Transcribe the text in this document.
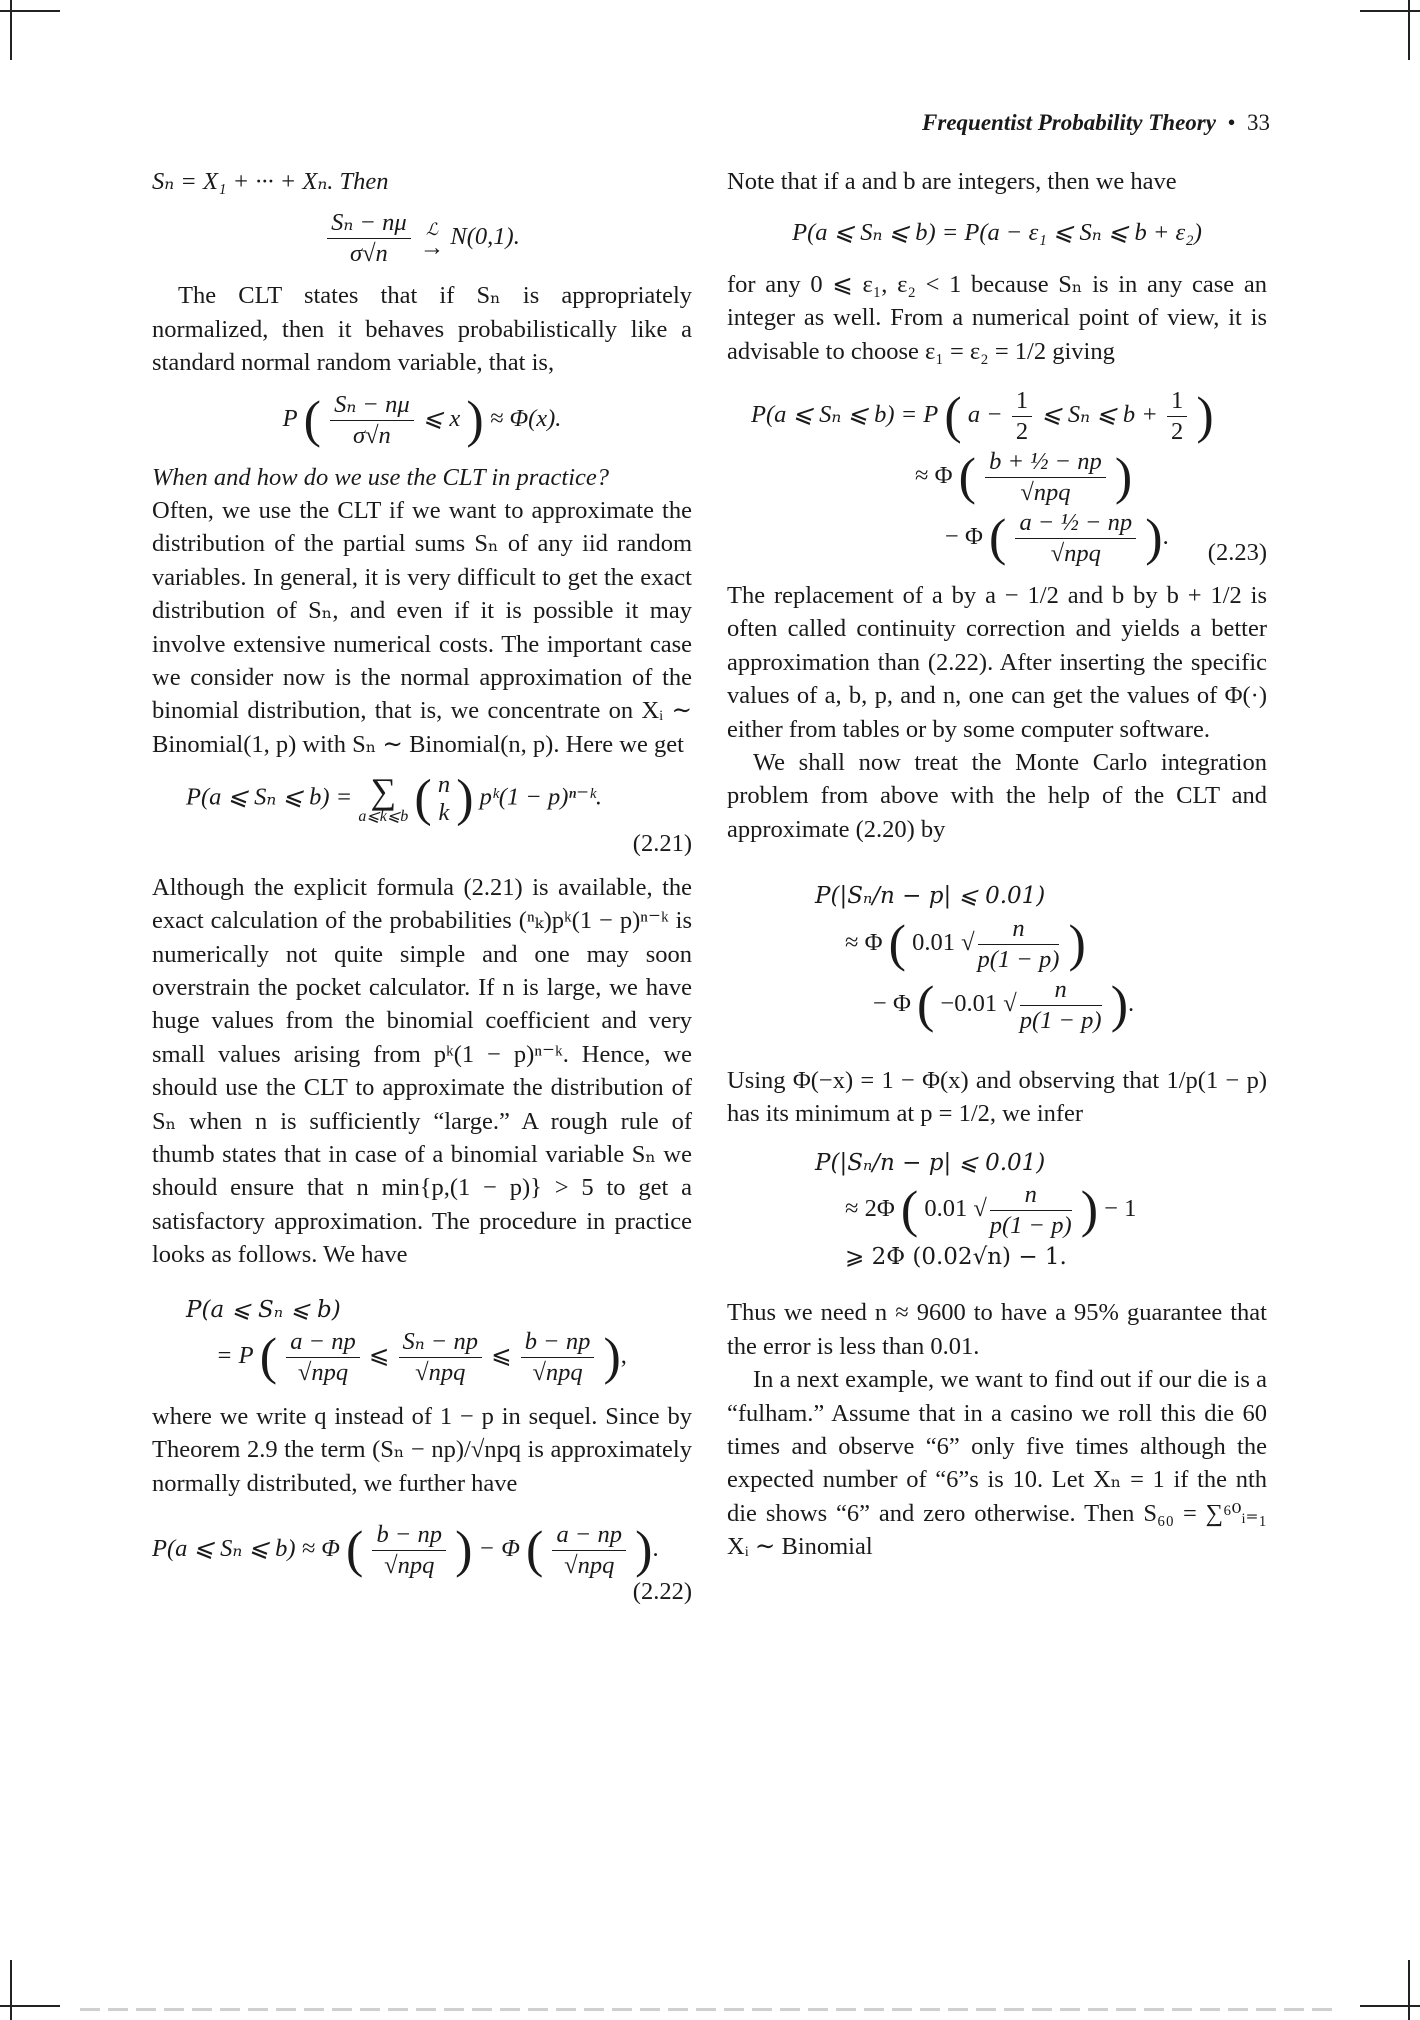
Frequentist Probability Theory • 33

Sₙ = X₁ + ··· + Xₙ. Then

$\frac{\text{Sₙ − nμ}}{\sigma√n}$
ℒ
→ N(0,1).

The CLT states that if Sₙ is appropriately normalized, then it behaves probabilistically like a standard normal random variable, that is,

P ( $\frac{\text{Sₙ − nμ}}{\sigma√n}$ ⩽ x ) ≈ Φ(x).

When and how do we use the CLT in practice?

Often, we use the CLT if we want to approximate the distribution of the partial sums Sₙ of any iid random variables. In general, it is very difficult to get the exact distribution of Sₙ, and even if it is possible it may involve extensive numerical costs. The important case we consider now is the normal approximation of the binomial distribution, that is, we concentrate on Xᵢ ∼ Binomial(1, p) with Sₙ ∼ Binomial(n, p). Here we get

P(a ⩽ Sₙ ⩽ b) = ∑
a⩽k⩽b ( n
k ) pᵏ(1 − p)ⁿ⁻ᵏ.
(2.21)

Although the explicit formula (2.21) is available, the exact calculation of the probabilities (ⁿₖ)pᵏ(1 − p)ⁿ⁻ᵏ is numerically not quite simple and one may soon overstrain the pocket calculator. If n is large, we have huge values from the binomial coefficient and very small values arising from pᵏ(1 − p)ⁿ⁻ᵏ. Hence, we should use the CLT to approximate the distribution of Sₙ when n is sufficiently “large.” A rough rule of thumb states that in case of a binomial variable Sₙ we should ensure that n min{p,(1 − p)} > 5 to get a satisfactory approximation. The procedure in practice looks as follows. We have

P(a ⩽ Sₙ ⩽ b)
= P ( $\frac{a - np}{\text{√npq}}$ ⩽ $\frac{\text{Sₙ − np}}{\text{√npq}}$ ⩽ $\frac{b - np}{\text{√npq}}$ ),

where we write q instead of 1 − p in sequel. Since by Theorem 2.9 the term (Sₙ − np)/√npq is approximately normally distributed, we further have

P(a ⩽ Sₙ ⩽ b) ≈ Φ ( $\frac{b - np}{\text{√npq}}$ ) − Φ ( $\frac{a - np}{\text{√npq}}$ ).
(2.22)

Note that if a and b are integers, then we have

P(a ⩽ Sₙ ⩽ b) = P(a − ε₁ ⩽ Sₙ ⩽ b + ε₂)

for any 0 ⩽ ε₁, ε₂ < 1 because Sₙ is in any case an integer as well. From a numerical point of view, it is advisable to choose ε₁ = ε₂ = 1/2 giving

P(a ⩽ Sₙ ⩽ b) = P ( $a - \frac{1}{2}$ ⩽ Sₙ ⩽ $b + \frac{1}{2}$ )
≈ Φ ( $\frac{\text{b + ½ − np}}{\text{√npq}}$ )
− Φ ( $\frac{\text{a − ½ − np}}{\text{√npq}}$ ).
(2.23)

The replacement of a by a − 1/2 and b by b + 1/2 is often called continuity correction and yields a better approximation than (2.22). After inserting the specific values of a, b, p, and n, one can get the values of Φ(·) either from tables or by some computer software.

We shall now treat the Monte Carlo integration problem from above with the help of the CLT and approximate (2.20) by

P(|Sₙ/n − p| ⩽ 0.01)
≈ Φ ( 0.01 √ $\frac{n}{p(1 - p)}$ )
− Φ ( −0.01 √ $\frac{n}{p(1 - p)}$ ).

Using Φ(−x) = 1 − Φ(x) and observing that 1/p(1 − p) has its minimum at p = 1/2, we infer

P(|Sₙ/n − p| ⩽ 0.01)
≈ 2Φ ( 0.01 √ $\frac{n}{p(1 - p)}$ ) − 1
⩾ 2Φ (0.02√n) − 1.

Thus we need n ≈ 9600 to have a 95% guarantee that the error is less than 0.01.

In a next example, we want to find out if our die is a “fulham.” Assume that in a casino we roll this die 60 times and observe “6” only five times although the expected number of “6”s is 10. Let Xₙ = 1 if the nth die shows “6” and zero otherwise. Then S₆₀ = ∑⁶⁰ᵢ₌₁ Xᵢ ∼ Binomial
